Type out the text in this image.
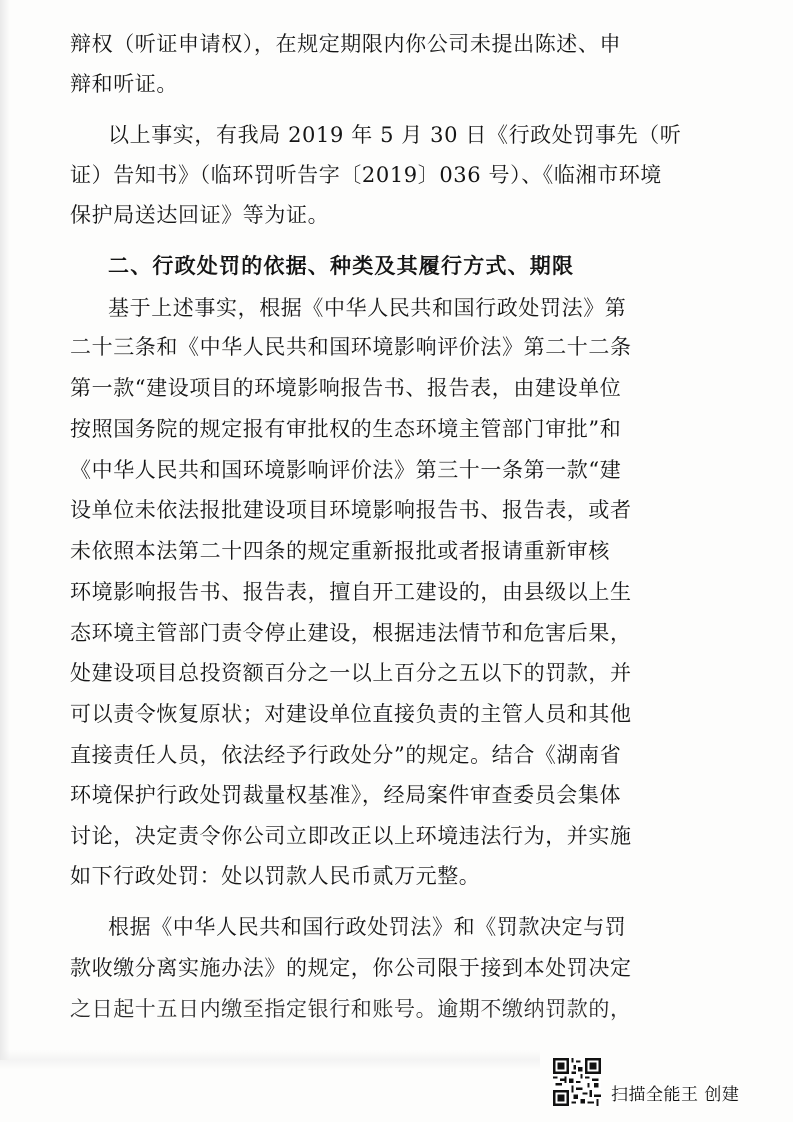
辩权（听证申请权），在规定期限内你公司未提出陈述、申
辩和听证。
以上事实，有我局 2019 年 5 月 30 日《行政处罚事先（听
证）告知书》（临环罚听告字〔2019〕036 号）、《临湘市环境
保护局送达回证》等为证。
二、行政处罚的依据、种类及其履行方式、期限
基于上述事实，根据《中华人民共和国行政处罚法》第
二十三条和《中华人民共和国环境影响评价法》第二十二条
第一款“建设项目的环境影响报告书、报告表，由建设单位
按照国务院的规定报有审批权的生态环境主管部门审批”和
《中华人民共和国环境影响评价法》第三十一条第一款“建
设单位未依法报批建设项目环境影响报告书、报告表，或者
未依照本法第二十四条的规定重新报批或者报请重新审核
环境影响报告书、报告表，擅自开工建设的，由县级以上生
态环境主管部门责令停止建设，根据违法情节和危害后果，
处建设项目总投资额百分之一以上百分之五以下的罚款，并
可以责令恢复原状；对建设单位直接负责的主管人员和其他
直接责任人员，依法经予行政处分”的规定。结合《湖南省
环境保护行政处罚裁量权基准》，经局案件审查委员会集体
讨论，决定责令你公司立即改正以上环境违法行为，并实施
如下行政处罚：处以罚款人民币贰万元整。
根据《中华人民共和国行政处罚法》和《罚款决定与罚
款收缴分离实施办法》的规定，你公司限于接到本处罚决定
之日起十五日内缴至指定银行和账号。逾期不缴纳罚款的，
扫描全能王 创建
